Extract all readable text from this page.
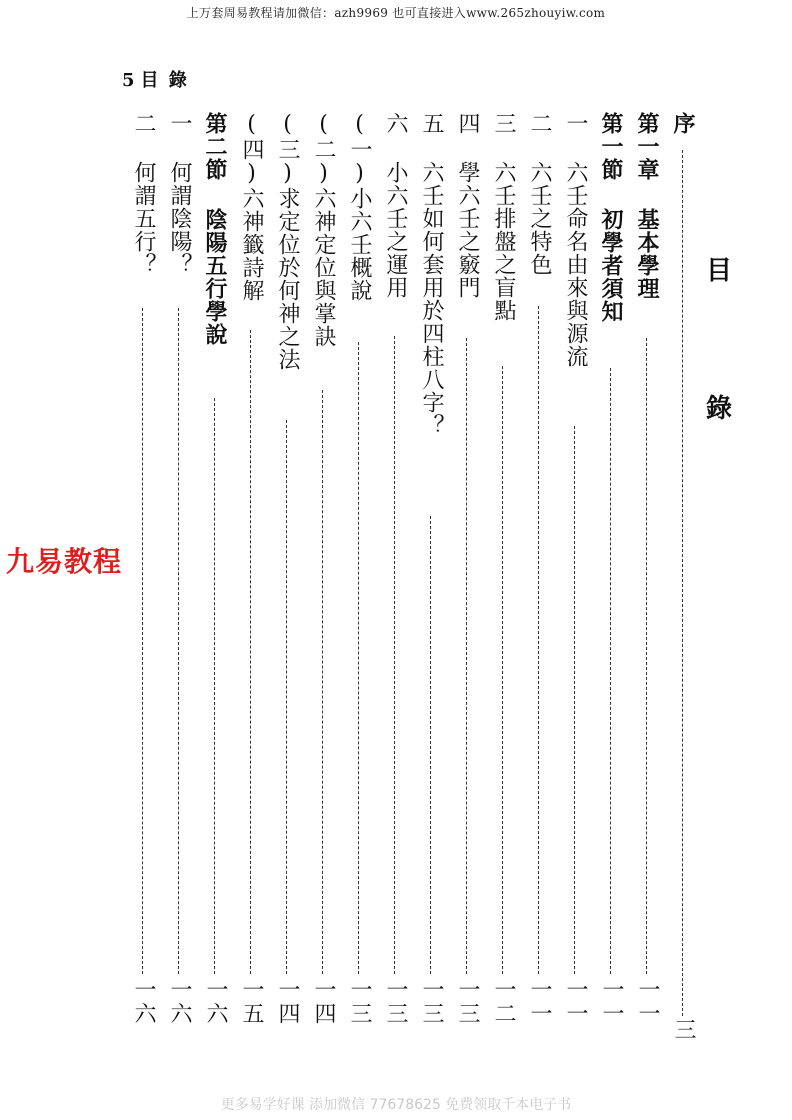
上万套周易教程请加微信：azh9969 也可直接进入www.265zhouyiw.com
5 目 錄
目
錄
序
三
第一章 基本學理
一一
第一節 初學者須知
一一
一 六壬命名由來與源流
一一
二 六壬之特色
一一
三 六壬排盤之盲點
一二
四 學六壬之竅門
一三
五 六壬如何套用於四柱八字？
一三
六 小六壬之運用
一三
(一)小六壬概說
一三
(二)六神定位與掌訣
一四
(三)求定位於何神之法
一四
(四)六神籤詩解
一五
第二節 陰陽五行學說
一六
一 何謂陰陽？
一六
二 何謂五行？
一六
九易教程
更多易学好课 添加微信 77678625 免费领取千本电子书
